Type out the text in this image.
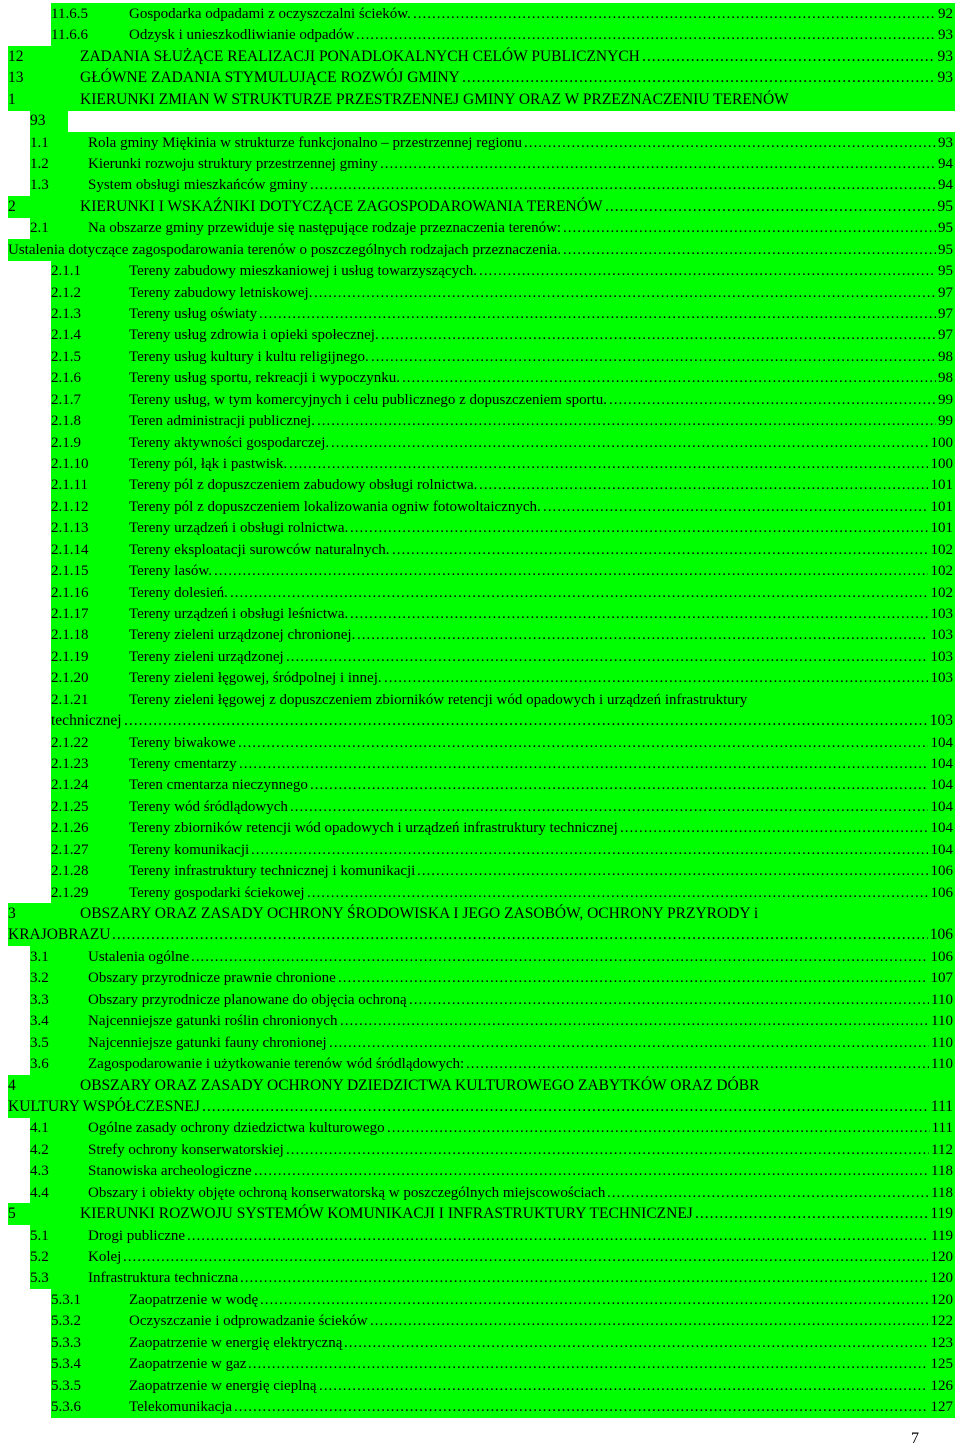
11.6.5	Gospodarka odpadami z oczyszczalni ścieków.	92
.....
11.6.6	Odzysk i unieszkodliwianie odpadów	93
.....
12	ZADANIA SŁUŻĄCE REALIZACJI PONADLOKALNYCH CELÓW PUBLICZNYCH	93
.....
13	GŁÓWNE ZADANIA STYMULUJĄCE ROZWÓJ GMINY	93
.....
1	KIERUNKI ZMIAN W STRUKTURZE PRZESTRZENNEJ GMINY ORAZ W PRZEZNACZENIU TERENÓW
93
1.1	Rola gminy Miękinia w strukturze funkcjonalno – przestrzennej regionu	93
.....
1.2	Kierunki rozwoju struktury przestrzennej gminy	94
.....
1.3	System obsługi mieszkańców gminy	94
.....
2	KIERUNKI I WSKAŹNIKI DOTYCZĄCE ZAGOSPODAROWANIA TERENÓW	95
.....
2.1	Na obszarze gminy przewiduje się następujące rodzaje przeznaczenia terenów:	95
.....
Ustalenia dotyczące zagospodarowania terenów o poszczególnych rodzajach przeznaczenia.	95
.....
2.1.1	Tereny zabudowy mieszkaniowej i usług towarzyszących.	95
.....
2.1.2	Tereny zabudowy letniskowej.	97
.....
2.1.3	Tereny usług oświaty	97
.....
2.1.4	Tereny usług zdrowia i opieki społecznej.	97
.....
2.1.5	Tereny usług kultury i kultu religijnego.	98
.....
2.1.6	Tereny usług sportu, rekreacji i wypoczynku.	98
.....
2.1.7	Tereny usług, w tym komercyjnych i celu publicznego z dopuszczeniem sportu.	99
.....
2.1.8	Teren administracji publicznej.	99
.....
2.1.9	Tereny aktywności gospodarczej.	100
.....
2.1.10	Tereny pól, łąk i pastwisk.	100
.....
2.1.11	Tereny pól z dopuszczeniem zabudowy obsługi rolnictwa.	101
.....
2.1.12	Tereny pól z dopuszczeniem lokalizowania ogniw fotowoltaicznych.	101
.....
2.1.13	Tereny urządzeń i obsługi rolnictwa.	101
.....
2.1.14	Tereny eksploatacji surowców naturalnych.	102
.....
2.1.15	Tereny lasów.	102
.....
2.1.16	Tereny dolesień.	102
.....
2.1.17	Tereny urządzeń i obsługi leśnictwa.	103
.....
2.1.18	Tereny zieleni urządzonej chronionej.	103
.....
2.1.19	Tereny zieleni urządzonej	103
.....
2.1.20	Tereny zieleni łęgowej, śródpolnej i innej.	103
.....
2.1.21	Tereny zieleni łęgowej z dopuszczeniem zbiorników retencji wód opadowych i urządzeń infrastruktury
technicznej	103
.....
2.1.22	Tereny biwakowe	104
.....
2.1.23	Tereny cmentarzy	104
.....
2.1.24	Teren cmentarza nieczynnego	104
.....
2.1.25	Tereny wód śródlądowych	104
.....
2.1.26	Tereny zbiorników retencji wód opadowych i urządzeń infrastruktury technicznej	104
.....
2.1.27	Tereny komunikacji	104
.....
2.1.28	Tereny infrastruktury technicznej i komunikacji	106
.....
2.1.29	Tereny gospodarki ściekowej	106
.....
3	OBSZARY ORAZ ZASADY OCHRONY ŚRODOWISKA I JEGO ZASOBÓW, OCHRONY PRZYRODY i
KRAJOBRAZU	106
.....
3.1	Ustalenia ogólne	106
.....
3.2	Obszary przyrodnicze prawnie chronione	107
.....
3.3	Obszary przyrodnicze planowane do objęcia ochroną	110
.....
3.4	Najcenniejsze gatunki roślin chronionych	110
.....
3.5	Najcenniejsze gatunki fauny chronionej	110
.....
3.6	Zagospodarowanie i użytkowanie terenów wód śródlądowych:	110
.....
4	OBSZARY ORAZ ZASADY OCHRONY DZIEDZICTWA KULTUROWEGO ZABYTKÓW ORAZ DÓBR
KULTURY WSPÓŁCZESNEJ	111
.....
4.1	Ogólne zasady ochrony dziedzictwa kulturowego	111
.....
4.2	Strefy ochrony konserwatorskiej	112
.....
4.3	Stanowiska archeologiczne	118
.....
4.4	Obszary i obiekty objęte ochroną konserwatorską w poszczególnych miejscowościach	118
.....
5	KIERUNKI ROZWOJU SYSTEMÓW KOMUNIKACJI I INFRASTRUKTURY TECHNICZNEJ	119
.....
5.1	Drogi publiczne	119
.....
5.2	Kolej	120
.....
5.3	Infrastruktura techniczna	120
.....
5.3.1	Zaopatrzenie w wodę	120
.....
5.3.2	Oczyszczanie i odprowadzanie ścieków	122
.....
5.3.3	Zaopatrzenie w energię elektryczną	123
.....
5.3.4	Zaopatrzenie w gaz	125
.....
5.3.5	Zaopatrzenie w energię cieplną	126
.....
5.3.6	Telekomunikacja	127
.....
7
